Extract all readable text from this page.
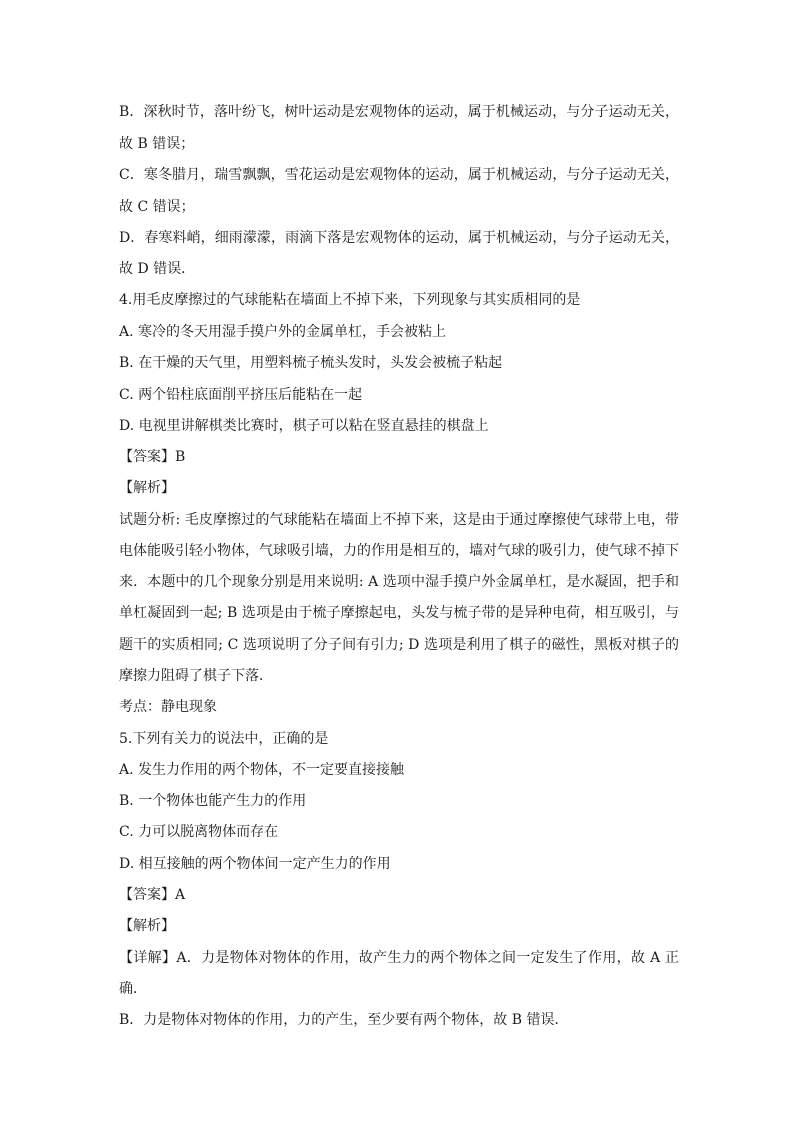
B．深秋时节，落叶纷飞，树叶运动是宏观物体的运动，属于机械运动，与分子运动无关，
故 B 错误；
C．寒冬腊月，瑞雪飘飘，雪花运动是宏观物体的运动，属于机械运动，与分子运动无关，
故 C 错误；
D．春寒料峭，细雨濛濛，雨滴下落是宏观物体的运动，属于机械运动，与分子运动无关，
故 D 错误．
4.用毛皮摩擦过的气球能粘在墙面上不掉下来，下列现象与其实质相同的是
A. 寒冷的冬天用湿手摸户外的金属单杠，手会被粘上
B. 在干燥的天气里，用塑料梳子梳头发时，头发会被梳子粘起
C. 两个铅柱底面削平挤压后能粘在一起
D. 电视里讲解棋类比赛时，棋子可以粘在竖直悬挂的棋盘上
【答案】B
【解析】
试题分析: 毛皮摩擦过的气球能粘在墙面上不掉下来，这是由于通过摩擦使气球带上电，带
电体能吸引轻小物体，气球吸引墙，力的作用是相互的，墙对气球的吸引力，使气球不掉下
来．本题中的几个现象分别是用来说明: A 选项中湿手摸户外金属单杠，是水凝固，把手和
单杠凝固到一起; B 选项是由于梳子摩擦起电，头发与梳子带的是异种电荷，相互吸引，与
题干的实质相同; C 选项说明了分子间有引力; D 选项是利用了棋子的磁性，黑板对棋子的
摩擦力阻碍了棋子下落．
考点：静电现象
5.下列有关力的说法中，正确的是
A. 发生力作用的两个物体，不一定要直接接触
B. 一个物体也能产生力的作用
C. 力可以脱离物体而存在
D. 相互接触的两个物体间一定产生力的作用
【答案】A
【解析】
【详解】A．力是物体对物体的作用，故产生力的两个物体之间一定发生了作用，故 A 正
确．
B．力是物体对物体的作用，力的产生，至少要有两个物体，故 B 错误．
